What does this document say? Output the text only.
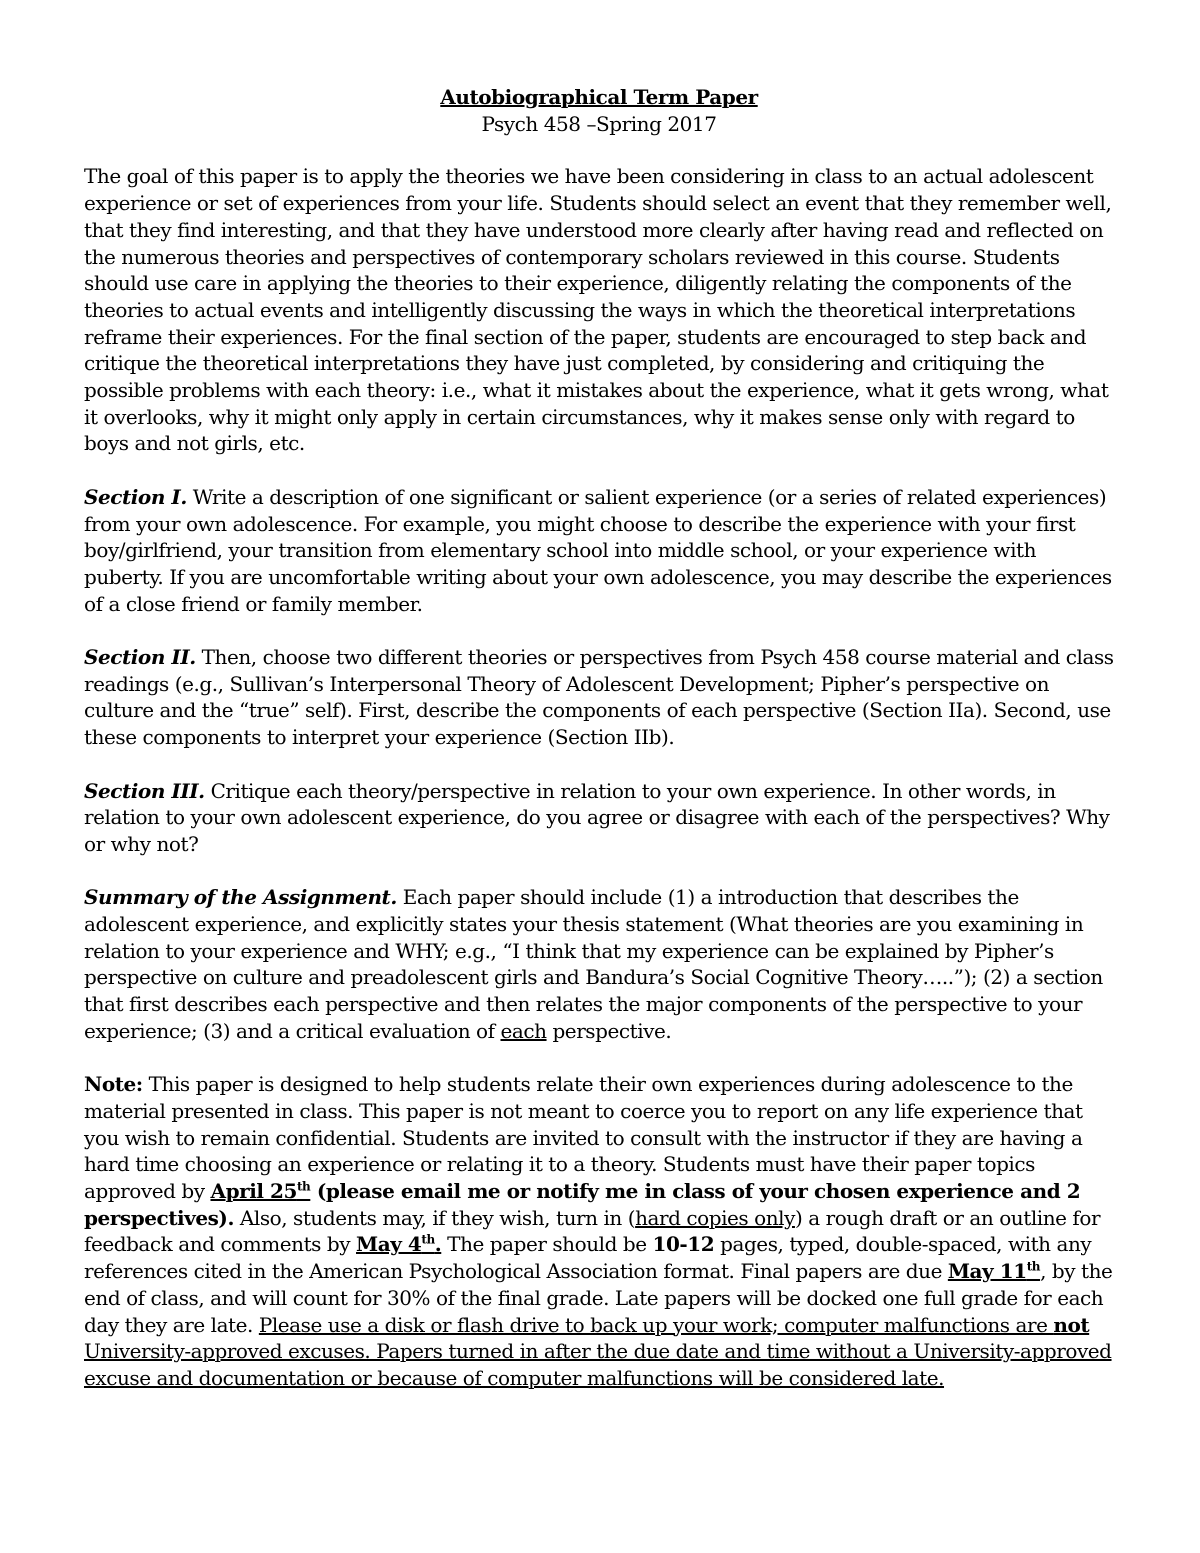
Autobiographical Term Paper
Psych 458 –Spring 2017

The goal of this paper is to apply the theories we have been considering in class to an actual adolescent experience or set of experiences from your life. Students should select an event that they remember well, that they find interesting, and that they have understood more clearly after having read and reflected on the numerous theories and perspectives of contemporary scholars reviewed in this course. Students should use care in applying the theories to their experience, diligently relating the components of the theories to actual events and intelligently discussing the ways in which the theoretical interpretations reframe their experiences. For the final section of the paper, students are encouraged to step back and critique the theoretical interpretations they have just completed, by considering and critiquing the possible problems with each theory: i.e., what it mistakes about the experience, what it gets wrong, what it overlooks, why it might only apply in certain circumstances, why it makes sense only with regard to boys and not girls, etc.

Section I. Write a description of one significant or salient experience (or a series of related experiences) from your own adolescence. For example, you might choose to describe the experience with your first boy/girlfriend, your transition from elementary school into middle school, or your experience with puberty. If you are uncomfortable writing about your own adolescence, you may describe the experiences of a close friend or family member.

Section II. Then, choose two different theories or perspectives from Psych 458 course material and class readings (e.g., Sullivan’s Interpersonal Theory of Adolescent Development; Pipher’s perspective on culture and the “true” self). First, describe the components of each perspective (Section IIa). Second, use these components to interpret your experience (Section IIb).

Section III. Critique each theory/perspective in relation to your own experience. In other words, in relation to your own adolescent experience, do you agree or disagree with each of the perspectives? Why or why not?

Summary of the Assignment. Each paper should include (1) a introduction that describes the adolescent experience, and explicitly states your thesis statement (What theories are you examining in relation to your experience and WHY; e.g., “I think that my experience can be explained by Pipher’s perspective on culture and preadolescent girls and Bandura’s Social Cognitive Theory…..”); (2) a section that first describes each perspective and then relates the major components of the perspective to your experience; (3) and a critical evaluation of each perspective.

Note: This paper is designed to help students relate their own experiences during adolescence to the material presented in class. This paper is not meant to coerce you to report on any life experience that you wish to remain confidential. Students are invited to consult with the instructor if they are having a hard time choosing an experience or relating it to a theory. Students must have their paper topics approved by April 25th (please email me or notify me in class of your chosen experience and 2 perspectives). Also, students may, if they wish, turn in (hard copies only) a rough draft or an outline for feedback and comments by May 4th. The paper should be 10-12 pages, typed, double-spaced, with any references cited in the American Psychological Association format. Final papers are due May 11th, by the end of class, and will count for 30% of the final grade. Late papers will be docked one full grade for each day they are late. Please use a disk or flash drive to back up your work; computer malfunctions are not University-approved excuses. Papers turned in after the due date and time without a University-approved excuse and documentation or because of computer malfunctions will be considered late.
